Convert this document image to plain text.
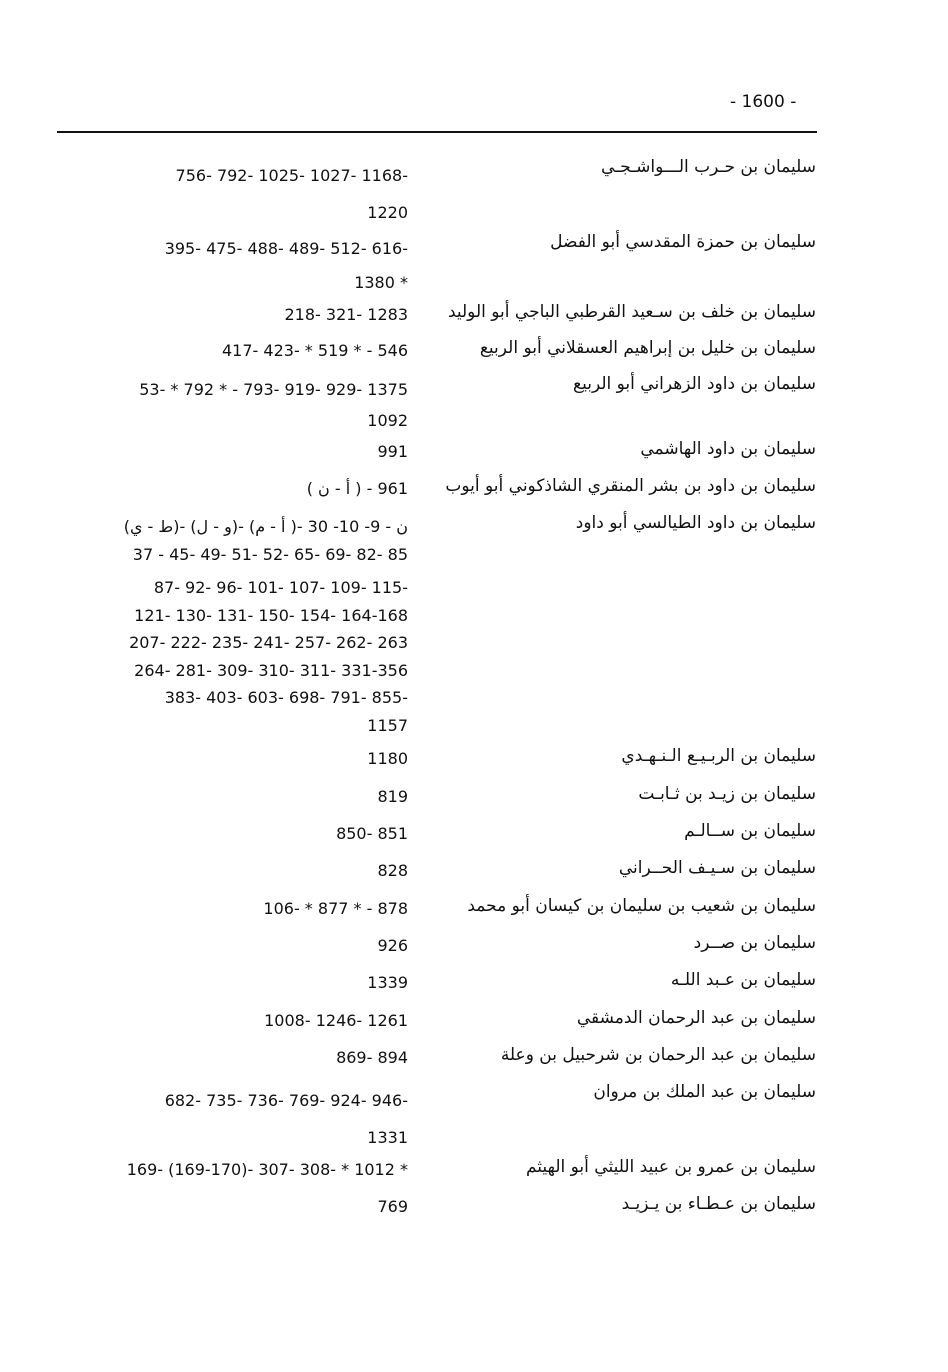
- 1600 -
سليمان بن حـرب الـــواشـجـي
756- 792- 1025- 1027- 1168-
1220
سليمان بن حمزة المقدسي أبو الفضل
395- 475- 488- 489- 512- 616-
1380 *
سليمان بن خلف بن سـعيد القرطبي الباجي أبو الوليد
218- 321- 1283
سليمان بن خليل بن إبراهيم العسقلاني أبو الربيع
417- 423- * 519 * - 546
سليمان بن داود الزهراني أبو الربيع
53- * 792 * - 793- 919- 929- 1375
1092
سليمان بن داود الهاشمي
991
سليمان بن داود بن بشر المنقري الشاذكوني أبو أيوب
( أ - ن ) - 961
سليمان بن داود الطيالسي أبو داود
(ط - ي)- (و - ل)- (أ - م )- ن - 9- 10- 30
37 - 45- 49- 51- 52- 65- 69- 82- 85
87- 92- 96- 101- 107- 109- 115-
121- 130- 131- 150- 154- 164-168
207- 222- 235- 241- 257- 262- 263
264- 281- 309- 310- 311- 331-356
383- 403- 603- 698- 791- 855-
1157
سليمان بن الربـيـع الـنـهـدي
1180
سليمان بن زيـد بن ثـابـت
819
سليمان بن ســالـم
850- 851
سليمان بن سـيـف الحــراني
828
سليمان بن شعيب بن سليمان بن كيسان أبو محمد
106- * 877 * - 878
سليمان بن صــرد
926
سليمان بن عـبد اللـه
1339
سليمان بن عبد الرحمان الدمشقي
1008- 1246- 1261
سليمان بن عبد الرحمان بن شرحبيل بن وعلة
869- 894
سليمان بن عبد الملك بن مروان
682- 735- 736- 769- 924- 946-
1331
سليمان بن عمرو بن عبيد الليثي أبو الهيثم
169- (169-170)- 307- 308- * 1012 *
سليمان بن عـطـاء بن يـزيـد
769
